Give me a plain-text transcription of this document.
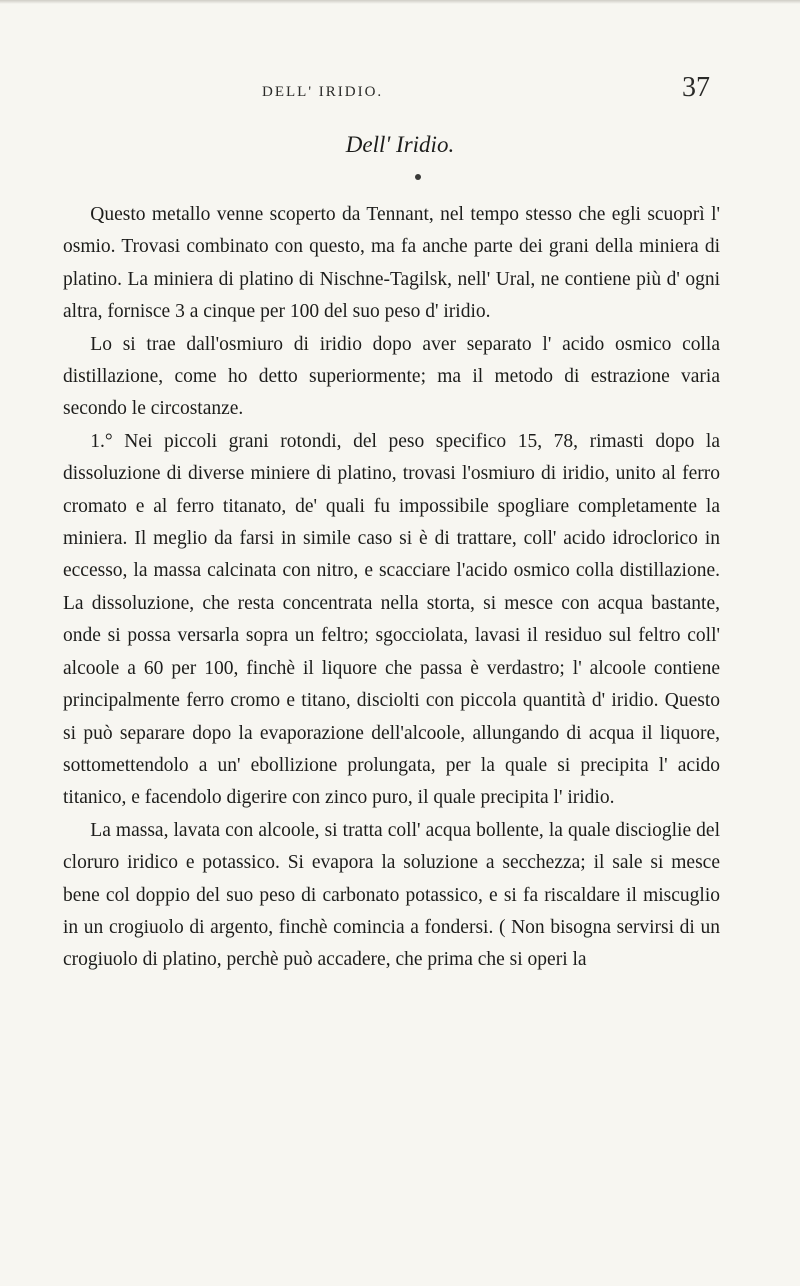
DELL' IRIDIO.	37
Dell' Iridio.

Questo metallo venne scoperto da Tennant, nel tempo stesso che egli scuoprì l' osmio. Trovasi combinato con questo, ma fa anche parte dei grani della miniera di platino. La miniera di platino di Nischne-Tagilsk, nell' Ural, ne contiene più d' ogni altra, fornisce 3 a cinque per 100 del suo peso d' iridio.

Lo si trae dall'osmiuro di iridio dopo aver separato l' acido osmico colla distillazione, come ho detto superiormente; ma il metodo di estrazione varia secondo le circostanze.

1.° Nei piccoli grani rotondi, del peso specifico 15, 78, rimasti dopo la dissoluzione di diverse miniere di platino, trovasi l'osmiuro di iridio, unito al ferro cromato e al ferro titanato, de' quali fu impossibile spogliare completamente la miniera. Il meglio da farsi in simile caso si è di trattare, coll' acido idroclorico in eccesso, la massa calcinata con nitro, e scacciare l'acido osmico colla distillazione. La dissoluzione, che resta concentrata nella storta, si mesce con acqua bastante, onde si possa versarla sopra un feltro; sgocciolata, lavasi il residuo sul feltro coll' alcoole a 60 per 100, finchè il liquore che passa è verdastro; l' alcoole contiene principalmente ferro cromo e titano, disciolti con piccola quantità d' iridio. Questo si può separare dopo la evaporazione dell'alcoole, allungando di acqua il liquore, sottomettendolo a un' ebollizione prolungata, per la quale si precipita l' acido titanico, e facendolo digerire con zinco puro, il quale precipita l' iridio.

La massa, lavata con alcoole, si tratta coll' acqua bollente, la quale discioglie del cloruro iridico e potassico. Si evapora la soluzione a secchezza; il sale si mesce bene col doppio del suo peso di carbonato potassico, e si fa riscaldare il miscuglio in un crogiuolo di argento, finchè comincia a fondersi. ( Non bisogna servirsi di un crogiuolo di platino, perchè può accadere, che prima che si operi la
